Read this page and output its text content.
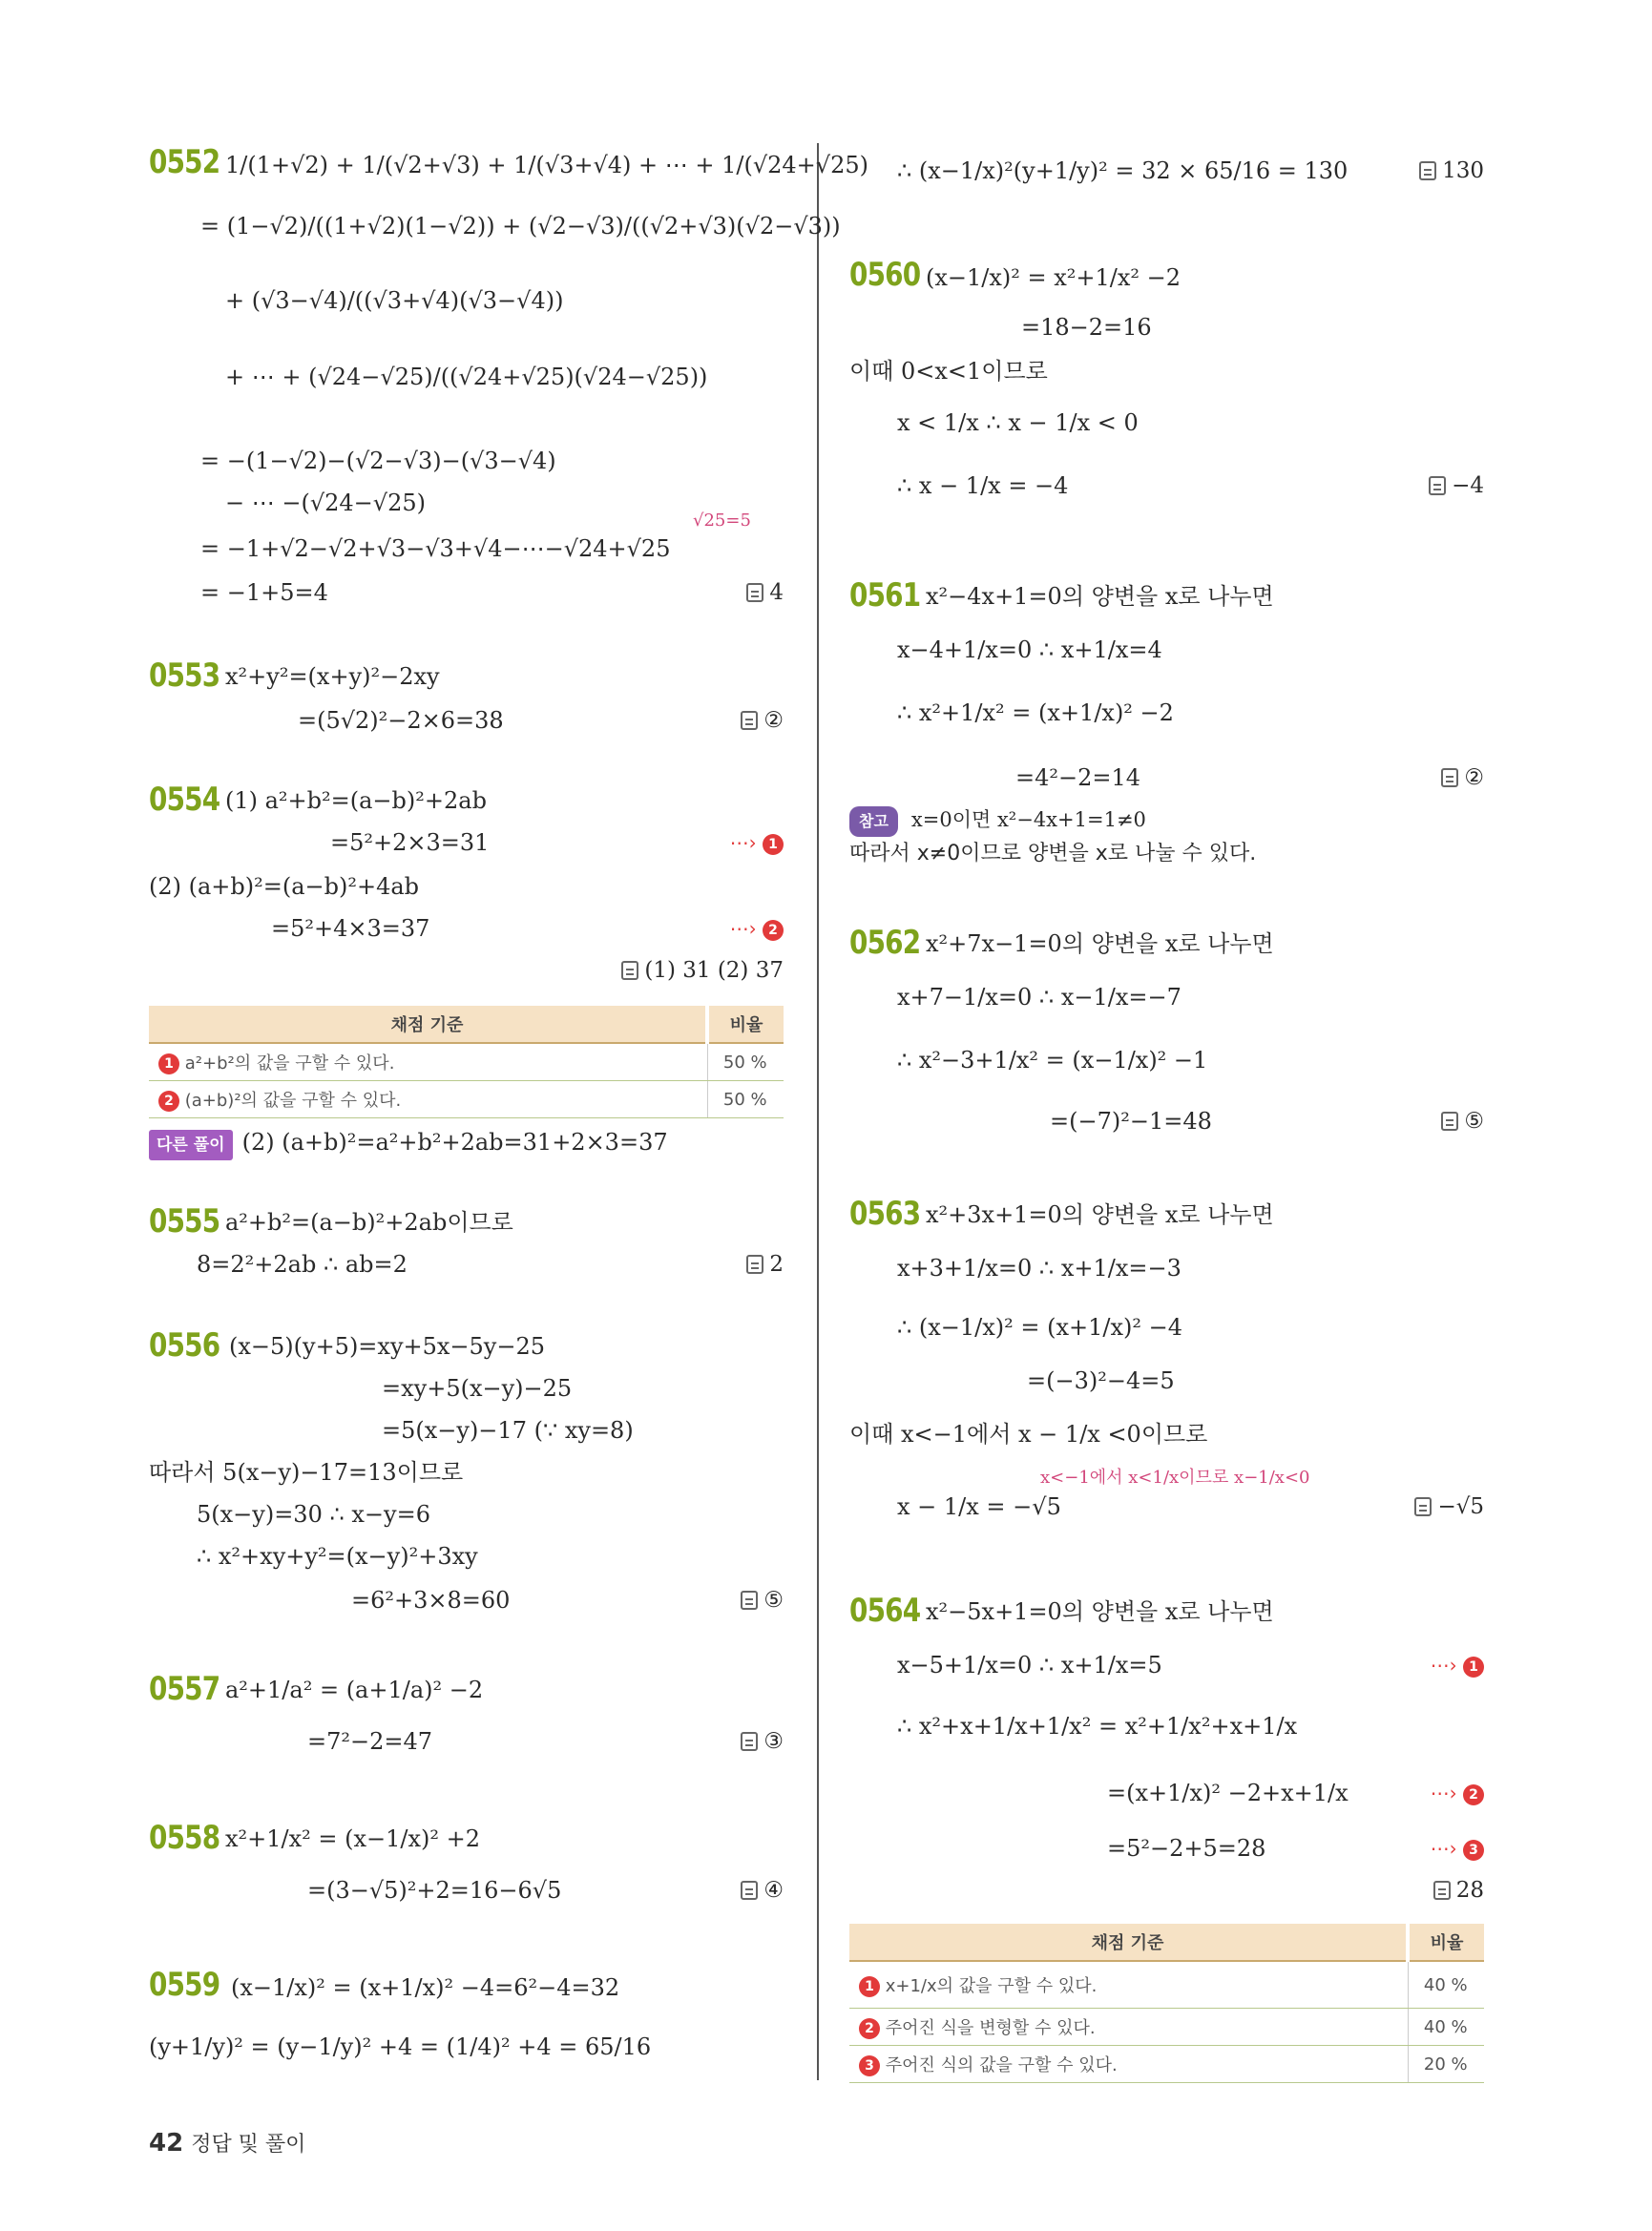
0552 1/(1+√2) + 1/(√2+√3) + 1/(√3+√4) + ⋯ + 1/(√24+√25)
= (1−√2)/((1+√2)(1−√2)) + (√2−√3)/((√2+√3)(√2−√3))
+ (√3−√4)/((√3+√4)(√3−√4))
+ ⋯ + (√24−√25)/((√24+√25)(√24−√25))
= −(1−√2)−(√2−√3)−(√3−√4)
− ⋯ −(√24−√25)
√25=5
= −1+√2−√2+√3−√3+√4−⋯−√24+√25
= −1+5=4	4
0553 x²+y²=(x+y)²−2xy
=(5√2)²−2×6=38	②
0554 (1) a²+b²=(a−b)²+2ab
=5²+2×3=31	⋯› 1
(2) (a+b)²=(a−b)²+4ab
=5²+4×3=37	⋯› 2
(1) 31 (2) 37
채점 기준	비율
1 a²+b²의 값을 구할 수 있다.	50 %
2 (a+b)²의 값을 구할 수 있다.	50 %
다른 풀이 (2) (a+b)²=a²+b²+2ab=31+2×3=37
0555 a²+b²=(a−b)²+2ab이므로
8=2²+2ab ∴ ab=2	2
0556 (x−5)(y+5)=xy+5x−5y−25
=xy+5(x−y)−25
=5(x−y)−17 (∵ xy=8)
따라서 5(x−y)−17=13이므로
5(x−y)=30 ∴ x−y=6
∴ x²+xy+y²=(x−y)²+3xy
=6²+3×8=60	⑤
0557 a²+1/a² = (a+1/a)² −2
=7²−2=47	③
0558 x²+1/x² = (x−1/x)² +2
=(3−√5)²+2=16−6√5	④
0559 (x−1/x)² = (x+1/x)² −4=6²−4=32
(y+1/y)² = (y−1/y)² +4 = (1/4)² +4 = 65/16
∴ (x−1/x)²(y+1/y)² = 32 × 65/16 = 130	130
0560 (x−1/x)² = x²+1/x² −2
=18−2=16
이때 0<x<1이므로
x < 1/x ∴ x − 1/x < 0
∴ x − 1/x = −4	−4
0561 x²−4x+1=0의 양변을 x로 나누면
x−4+1/x=0 ∴ x+1/x=4
∴ x²+1/x² = (x+1/x)² −2
=4²−2=14	②
참고 x=0이면 x²−4x+1=1≠0
따라서 x≠0이므로 양변을 x로 나눌 수 있다.
0562 x²+7x−1=0의 양변을 x로 나누면
x+7−1/x=0 ∴ x−1/x=−7
∴ x²−3+1/x² = (x−1/x)² −1
=(−7)²−1=48	⑤
0563 x²+3x+1=0의 양변을 x로 나누면
x+3+1/x=0 ∴ x+1/x=−3
∴ (x−1/x)² = (x+1/x)² −4
=(−3)²−4=5
이때 x<−1에서 x − 1/x <0이므로
x<−1에서 x<1/x이므로 x−1/x<0
x − 1/x = −√5	−√5
0564 x²−5x+1=0의 양변을 x로 나누면
x−5+1/x=0 ∴ x+1/x=5	⋯› 1
∴ x²+x+1/x+1/x² = x²+1/x²+x+1/x
=(x+1/x)² −2+x+1/x	⋯› 2
=5²−2+5=28	⋯› 3
28
채점 기준	비율
1 x+1/x의 값을 구할 수 있다.	40 %
2 주어진 식을 변형할 수 있다.	40 %
3 주어진 식의 값을 구할 수 있다.	20 %
42 정답 및 풀이
